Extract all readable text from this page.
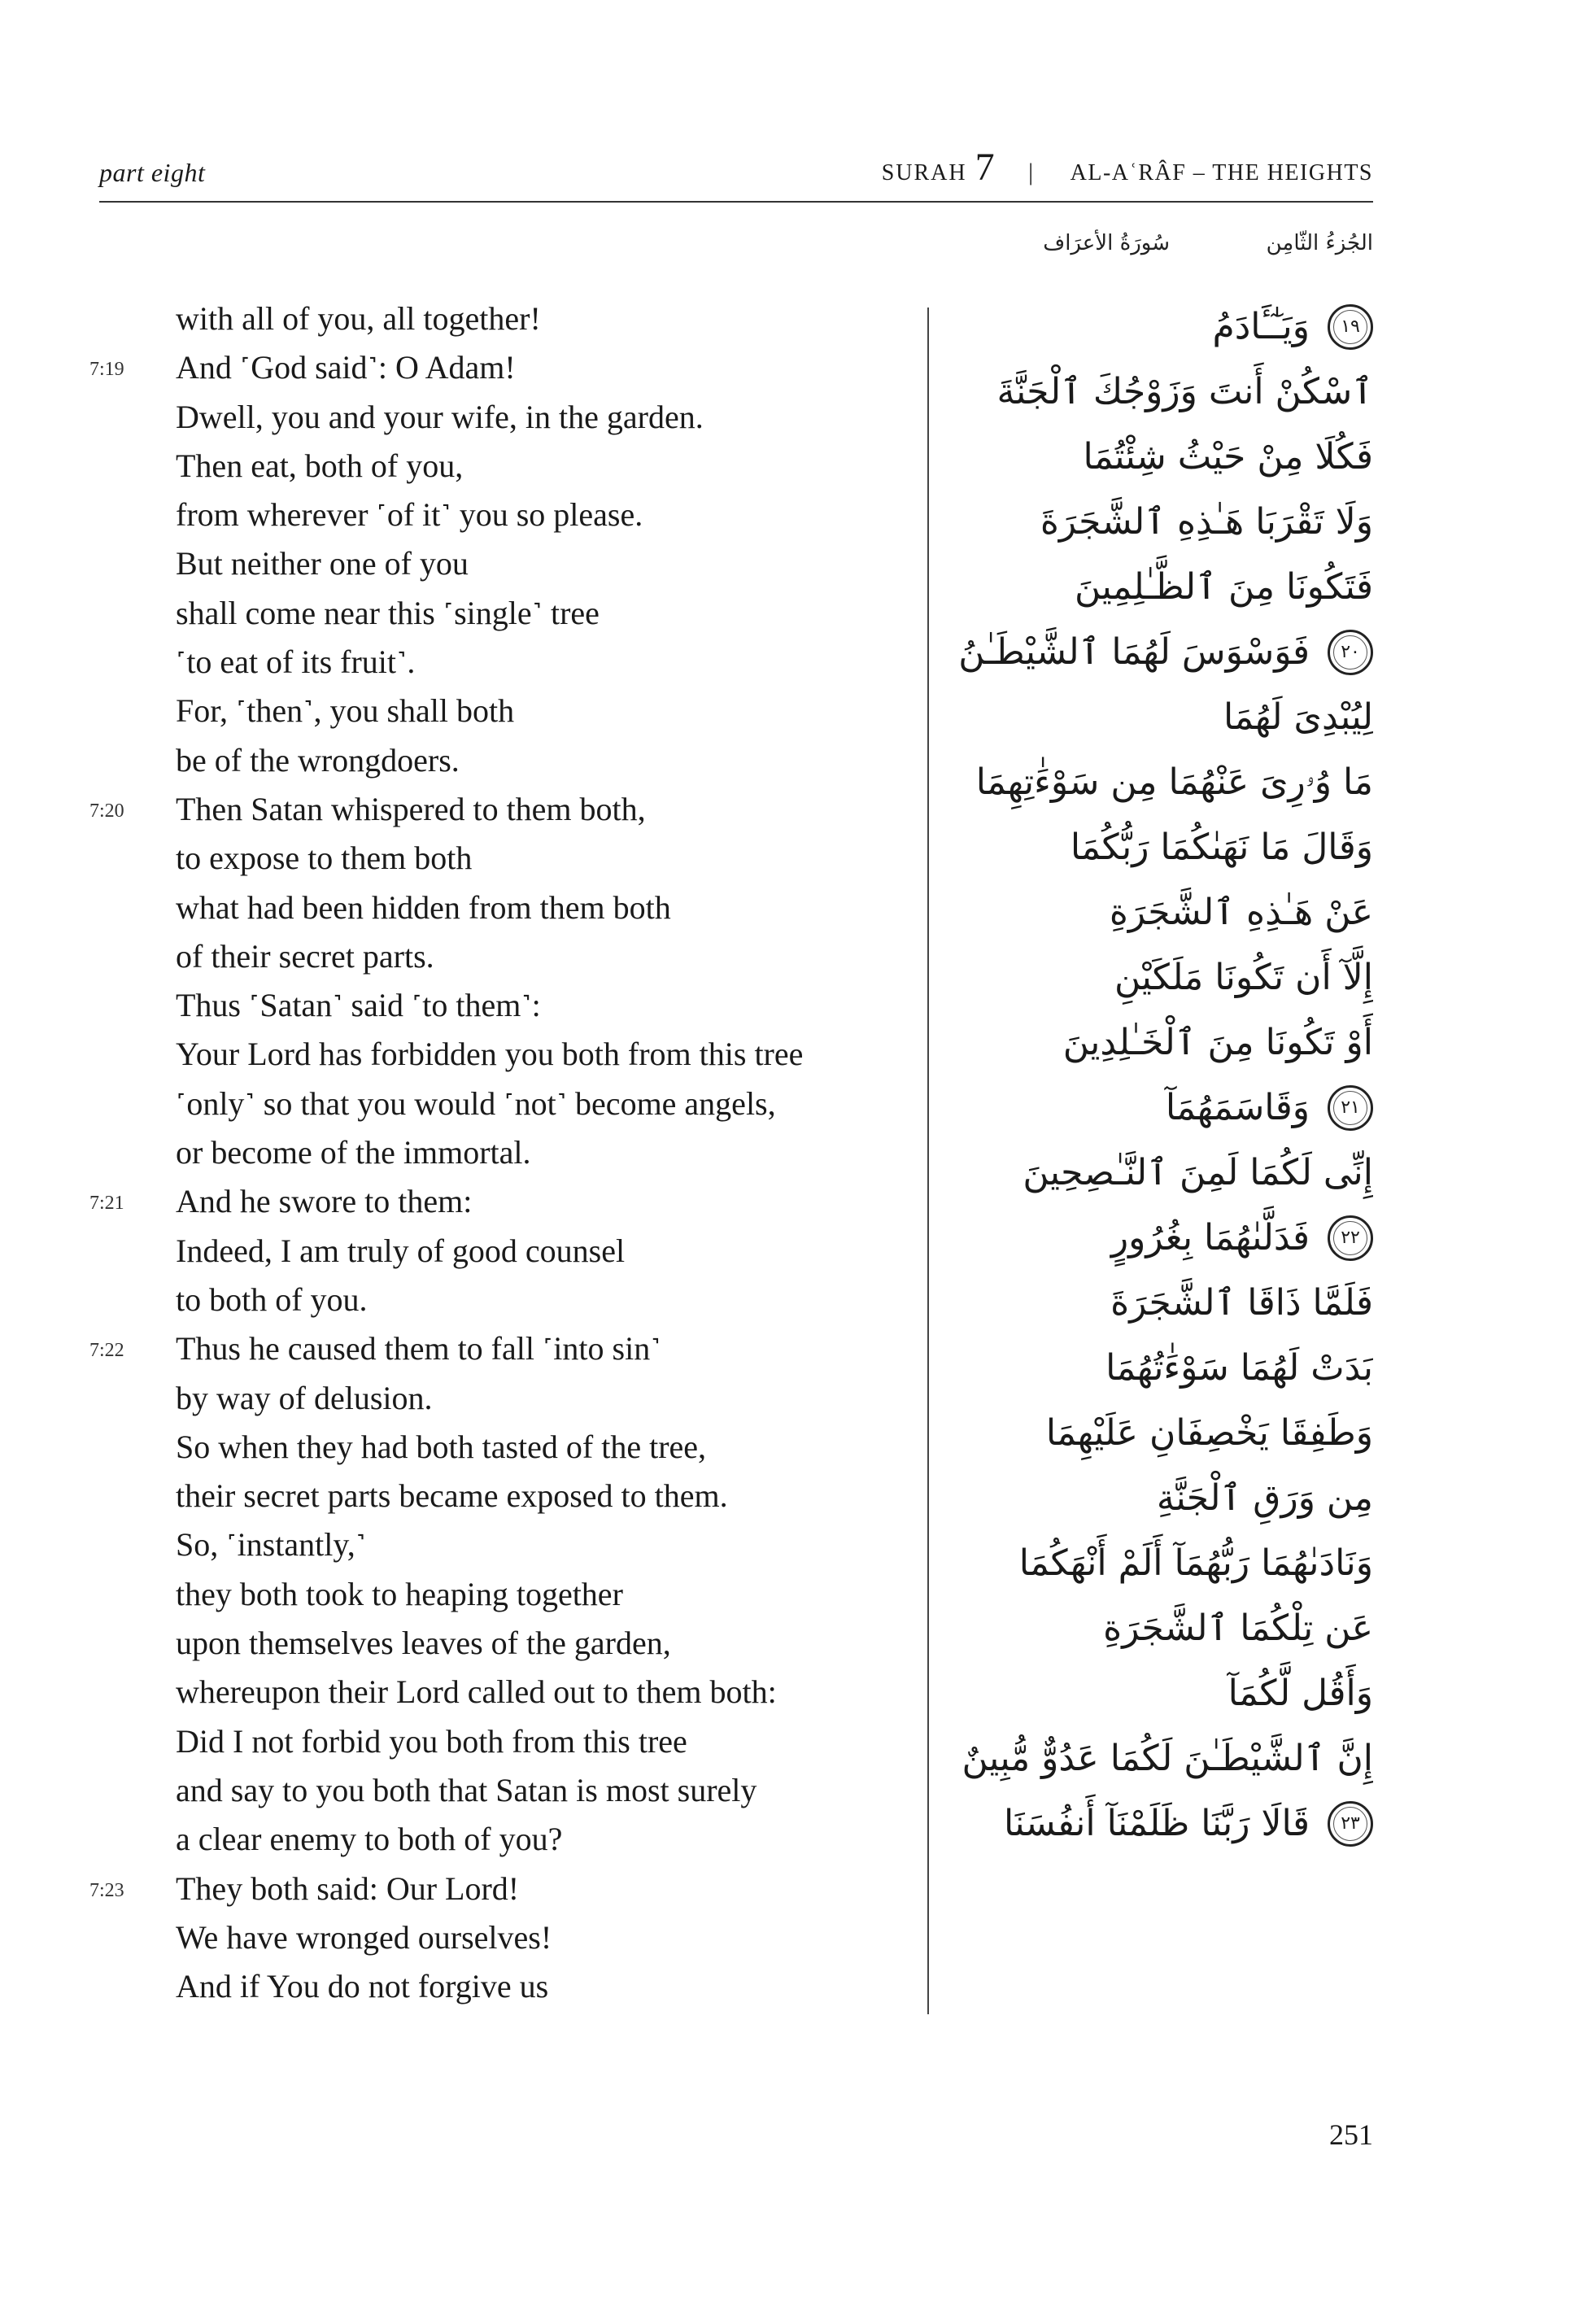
part eight	SURAH 7 | AL-AʿRÂF – THE HEIGHTS
الجُزءُ الثّامِن
سُورَةُ الأعرَاف
with all of you, all together!
7:19 And ˹God said˺: O Adam!
Dwell, you and your wife, in the garden.
Then eat, both of you,
from wherever ˹of it˺ you so please.
But neither one of you
shall come near this ˹single˺ tree
˹to eat of its fruit˺.
For, ˹then˺, you shall both
be of the wrongdoers.
7:20 Then Satan whispered to them both,
to expose to them both
what had been hidden from them both
of their secret parts.
Thus ˹Satan˺ said ˹to them˺:
Your Lord has forbidden you both from this tree
˹only˺ so that you would ˹not˺ become angels,
or become of the immortal.
7:21 And he swore to them:
Indeed, I am truly of good counsel
to both of you.
7:22 Thus he caused them to fall ˹into sin˺
by way of delusion.
So when they had both tasted of the tree,
their secret parts became exposed to them.
So, ˹instantly,˺
they both took to heaping together
upon themselves leaves of the garden,
whereupon their Lord called out to them both:
Did I not forbid you both from this tree
and say to you both that Satan is most surely
a clear enemy to both of you?
7:23 They both said: Our Lord!
We have wronged ourselves!
And if You do not forgive us
١٩
وَيَـٰٓـَٔادَمُ
ٱسْكُنْ أَنتَ وَزَوْجُكَ ٱلْجَنَّةَ
فَكُلَا مِنْ حَيْثُ شِئْتُمَا
وَلَا تَقْرَبَا هَـٰذِهِ ٱلشَّجَرَةَ
فَتَكُونَا مِنَ ٱلظَّـٰلِمِينَ
٢٠
فَوَسْوَسَ لَهُمَا ٱلشَّيْطَـٰنُ
لِيُبْدِىَ لَهُمَا
مَا وُۥرِىَ عَنْهُمَا مِن سَوْءَٰتِهِمَا
وَقَالَ مَا نَهَىٰكُمَا رَبُّكُمَا
عَنْ هَـٰذِهِ ٱلشَّجَرَةِ
إِلَّآ أَن تَكُونَا مَلَكَيْنِ
أَوْ تَكُونَا مِنَ ٱلْخَـٰلِدِينَ
٢١
وَقَاسَمَهُمَآ
إِنِّى لَكُمَا لَمِنَ ٱلنَّـٰصِحِينَ
٢٢
فَدَلَّىٰهُمَا بِغُرُورٍ
فَلَمَّا ذَاقَا ٱلشَّجَرَةَ
بَدَتْ لَهُمَا سَوْءَٰتُهُمَا
وَطَفِقَا يَخْصِفَانِ عَلَيْهِمَا
مِن وَرَقِ ٱلْجَنَّةِ
وَنَادَىٰهُمَا رَبُّهُمَآ أَلَمْ أَنْهَكُمَا
عَن تِلْكُمَا ٱلشَّجَرَةِ
وَأَقُل لَّكُمَآ
إِنَّ ٱلشَّيْطَـٰنَ لَكُمَا عَدُوٌّ مُّبِينٌ
٢٣
قَالَا رَبَّنَا ظَلَمْنَآ أَنفُسَنَا
251
